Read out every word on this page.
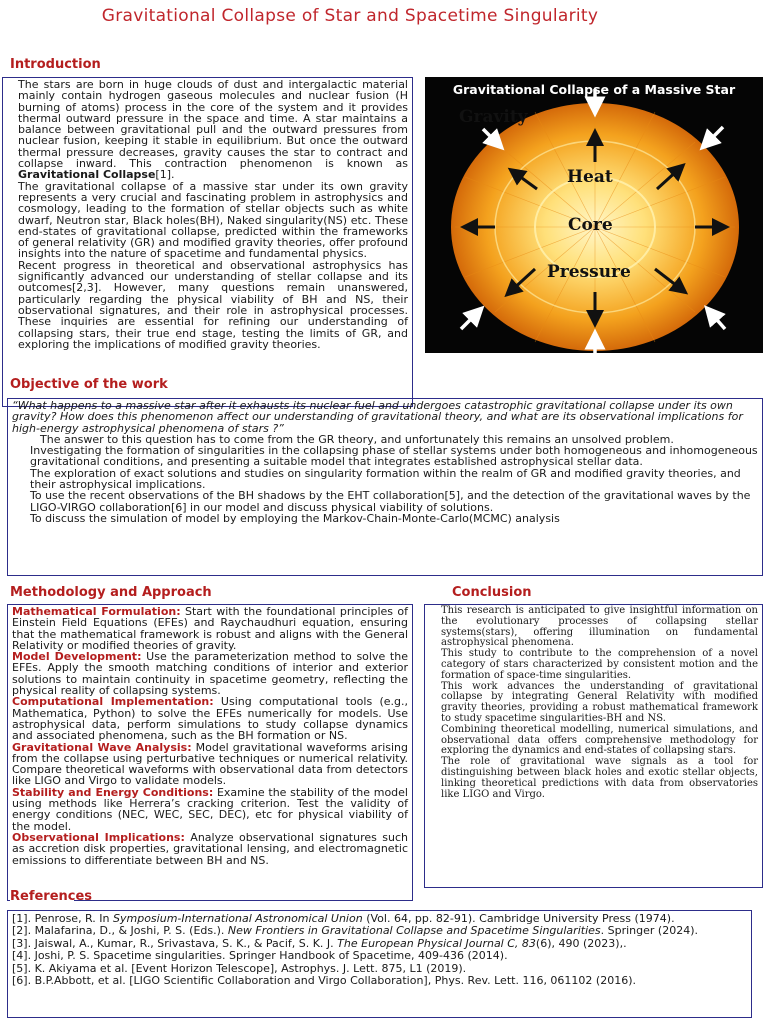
Gravitational Collapse of Star and Spacetime Singularity
Introduction

The stars are born in huge clouds of dust and intergalactic material mainly contain hydrogen gaseous molecules and nuclear fusion (H burning of atoms) process in the core of the system and it provides thermal outward pressure in the space and time. A star maintains a balance between gravitational pull and the outward pressures from nuclear fusion, keeping it stable in equilibrium. But once the outward thermal pressure decreases, gravity causes the star to contract and collapse inward. This contraction phenomenon is known as Gravitational Collapse[1].

The gravitational collapse of a massive star under its own gravity represents a very crucial and fascinating problem in astrophysics and cosmology, leading to the formation of stellar objects such as white dwarf, Neutron star, Black holes(BH), Naked singularity(NS) etc. These end-states of gravitational collapse, predicted within the frameworks of general relativity (GR) and modified gravity theories, offer profound insights into the nature of spacetime and fundamental physics.

Recent progress in theoretical and observational astrophysics has significantly advanced our understanding of stellar collapse and its outcomes[2,3]. However, many questions remain unanswered, particularly regarding the physical viability of BH and NS, their observational signatures, and their role in astrophysical processes. These inquiries are essential for refining our understanding of collapsing stars, their true end stage, testing the limits of GR, and exploring the implications of modified gravity theories.

Gravitational Collapse of a Massive Star
Gravity
Heat
Core
Pressure
Objective of the work

“What happens to a massive star after it exhausts its nuclear fuel and undergoes catastrophic gravitational collapse under its own gravity? How does this phenomenon affect our understanding of gravitational theory, and what are its observational implications for high-energy astrophysical phenomena of stars ?”

The answer to this question has to come from the GR theory, and unfortunately this remains an unsolved problem.

Investigating the formation of singularities in the collapsing phase of stellar systems under both homogeneous and inhomogeneous gravitational conditions, and presenting a suitable model that integrates established astrophysical stellar data.
The exploration of exact solutions and studies on singularity formation within the realm of GR and modified gravity theories, and their astrophysical implications.
To use the recent observations of the BH shadows by the EHT collaboration[5], and the detection of the gravitational waves by the LIGO-VIRGO collaboration[6] in our model and discuss physical viability of solutions.
To discuss the simulation of model by employing the Markov-Chain-Monte-Carlo(MCMC) analysis
Methodology and Approach

Mathematical Formulation: Start with the foundational principles of Einstein Field Equations (EFEs) and Raychaudhuri equation, ensuring that the mathematical framework is robust and aligns with the General Relativity or modified theories of gravity.

Model Development: Use the parameterization method to solve the EFEs. Apply the smooth matching conditions of interior and exterior solutions to maintain continuity in spacetime geometry, reflecting the physical reality of collapsing systems.

Computational Implementation: Using computational tools (e.g., Mathematica, Python) to solve the EFEs numerically for models. Use astrophysical data, perform simulations to study collapse dynamics and associated phenomena, such as the BH formation or NS.

Gravitational Wave Analysis: Model gravitational waveforms arising from the collapse using perturbative techniques or numerical relativity. Compare theoretical waveforms with observational data from detectors like LIGO and Virgo to validate models.

Stability and Energy Conditions: Examine the stability of the model using methods like Herrera’s cracking criterion. Test the validity of energy conditions (NEC, WEC, SEC, DEC), etc for physical viability of the model.

Observational Implications: Analyze observational signatures such as accretion disk properties, gravitational lensing, and electromagnetic emissions to differentiate between BH and NS.

Conclusion

This research is anticipated to give insightful information on the evolutionary processes of collapsing stellar systems(stars), offering illumination on fundamental astrophysical phenomena.

This study to contribute to the comprehension of a novel category of stars characterized by consistent motion and the formation of space-time singularities.

This work advances the understanding of gravitational collapse by integrating General Relativity with modified gravity theories, providing a robust mathematical framework to study spacetime singularities-BH and NS.

Combining theoretical modelling, numerical simulations, and observational data offers comprehensive methodology for exploring the dynamics and end-states of collapsing stars.

The role of gravitational wave signals as a tool for distinguishing between black holes and exotic stellar objects, linking theoretical predictions with data from observatories like LIGO and Virgo.

References

[1]. Penrose, R. In Symposium-International Astronomical Union (Vol. 64, pp. 82-91). Cambridge University Press (1974).

[2]. Malafarina, D., & Joshi, P. S. (Eds.). New Frontiers in Gravitational Collapse and Spacetime Singularities. Springer (2024).

[3]. Jaiswal, A., Kumar, R., Srivastava, S. K., & Pacif, S. K. J. The European Physical Journal C, 83(6), 490 (2023),.

[4]. Joshi, P. S. Spacetime singularities. Springer Handbook of Spacetime, 409-436 (2014).

[5]. K. Akiyama et al. [Event Horizon Telescope], Astrophys. J. Lett. 875, L1 (2019).

[6]. B.P.Abbott, et al. [LIGO Scientific Collaboration and Virgo Collaboration], Phys. Rev. Lett. 116, 061102 (2016).
